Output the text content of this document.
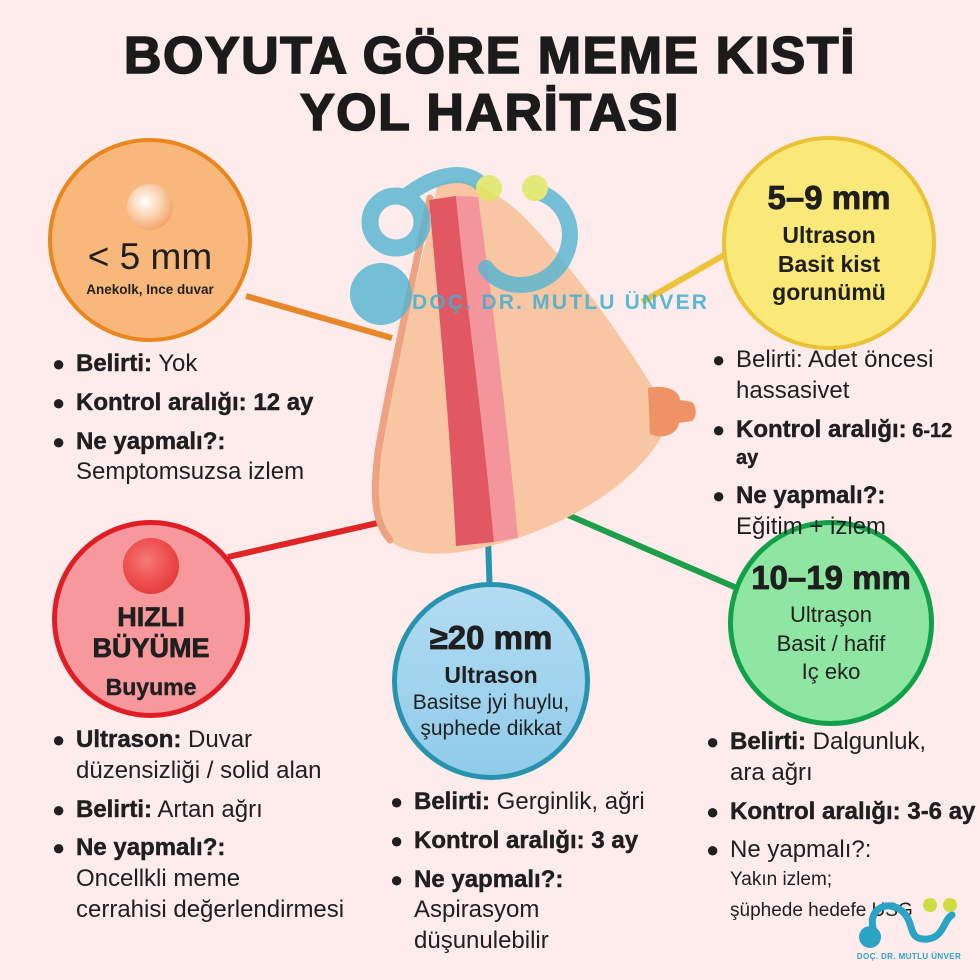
BOYUTA GÖRE MEME KISTİ
YOL HARİTASI
DOÇ. DR. MUTLU ÜNVER
< 5 mm
Anekolk, Ince duvar
5–9 mm
Ultrason
Basit kist
gorunümü
HIZLI BÜYÜME
Buyume
≥20 mm
Ultrason
Basitse jyi huylu,
şuphede dikkat
10–19 mm
Ultraşon
Basit / hafif
Iç eko
● Belirti: Yok
● Kontrol aralığı: 12 ay
● Ne yapmalı?:
Semptomsuzsa izlem
● Belirti: Adet öncesi
hassasivet
● Kontrol aralığı: 6-12 ay
● Ne yapmalı?:
Eğitim + izlem
● Ultrason: Duvar
düzensizliği / solid alan
● Belirti: Artan ağrı
● Ne yapmalı?:
Oncellkli meme
cerrahisi değerlendirmesi
● Belirti: Gerginlik, ağri
● Kontrol aralığı: 3 ay
● Ne yapmalı?:
Aspirasyom
düşunulebilir
● Belirti: Dalgunluk,
ara ağrı
● Kontrol aralığı: 3-6 ay
● Ne yapmalı?:
Yakın izlem;
şüphede hedefe USG
DOÇ. DR. MUTLU ÜNVER
